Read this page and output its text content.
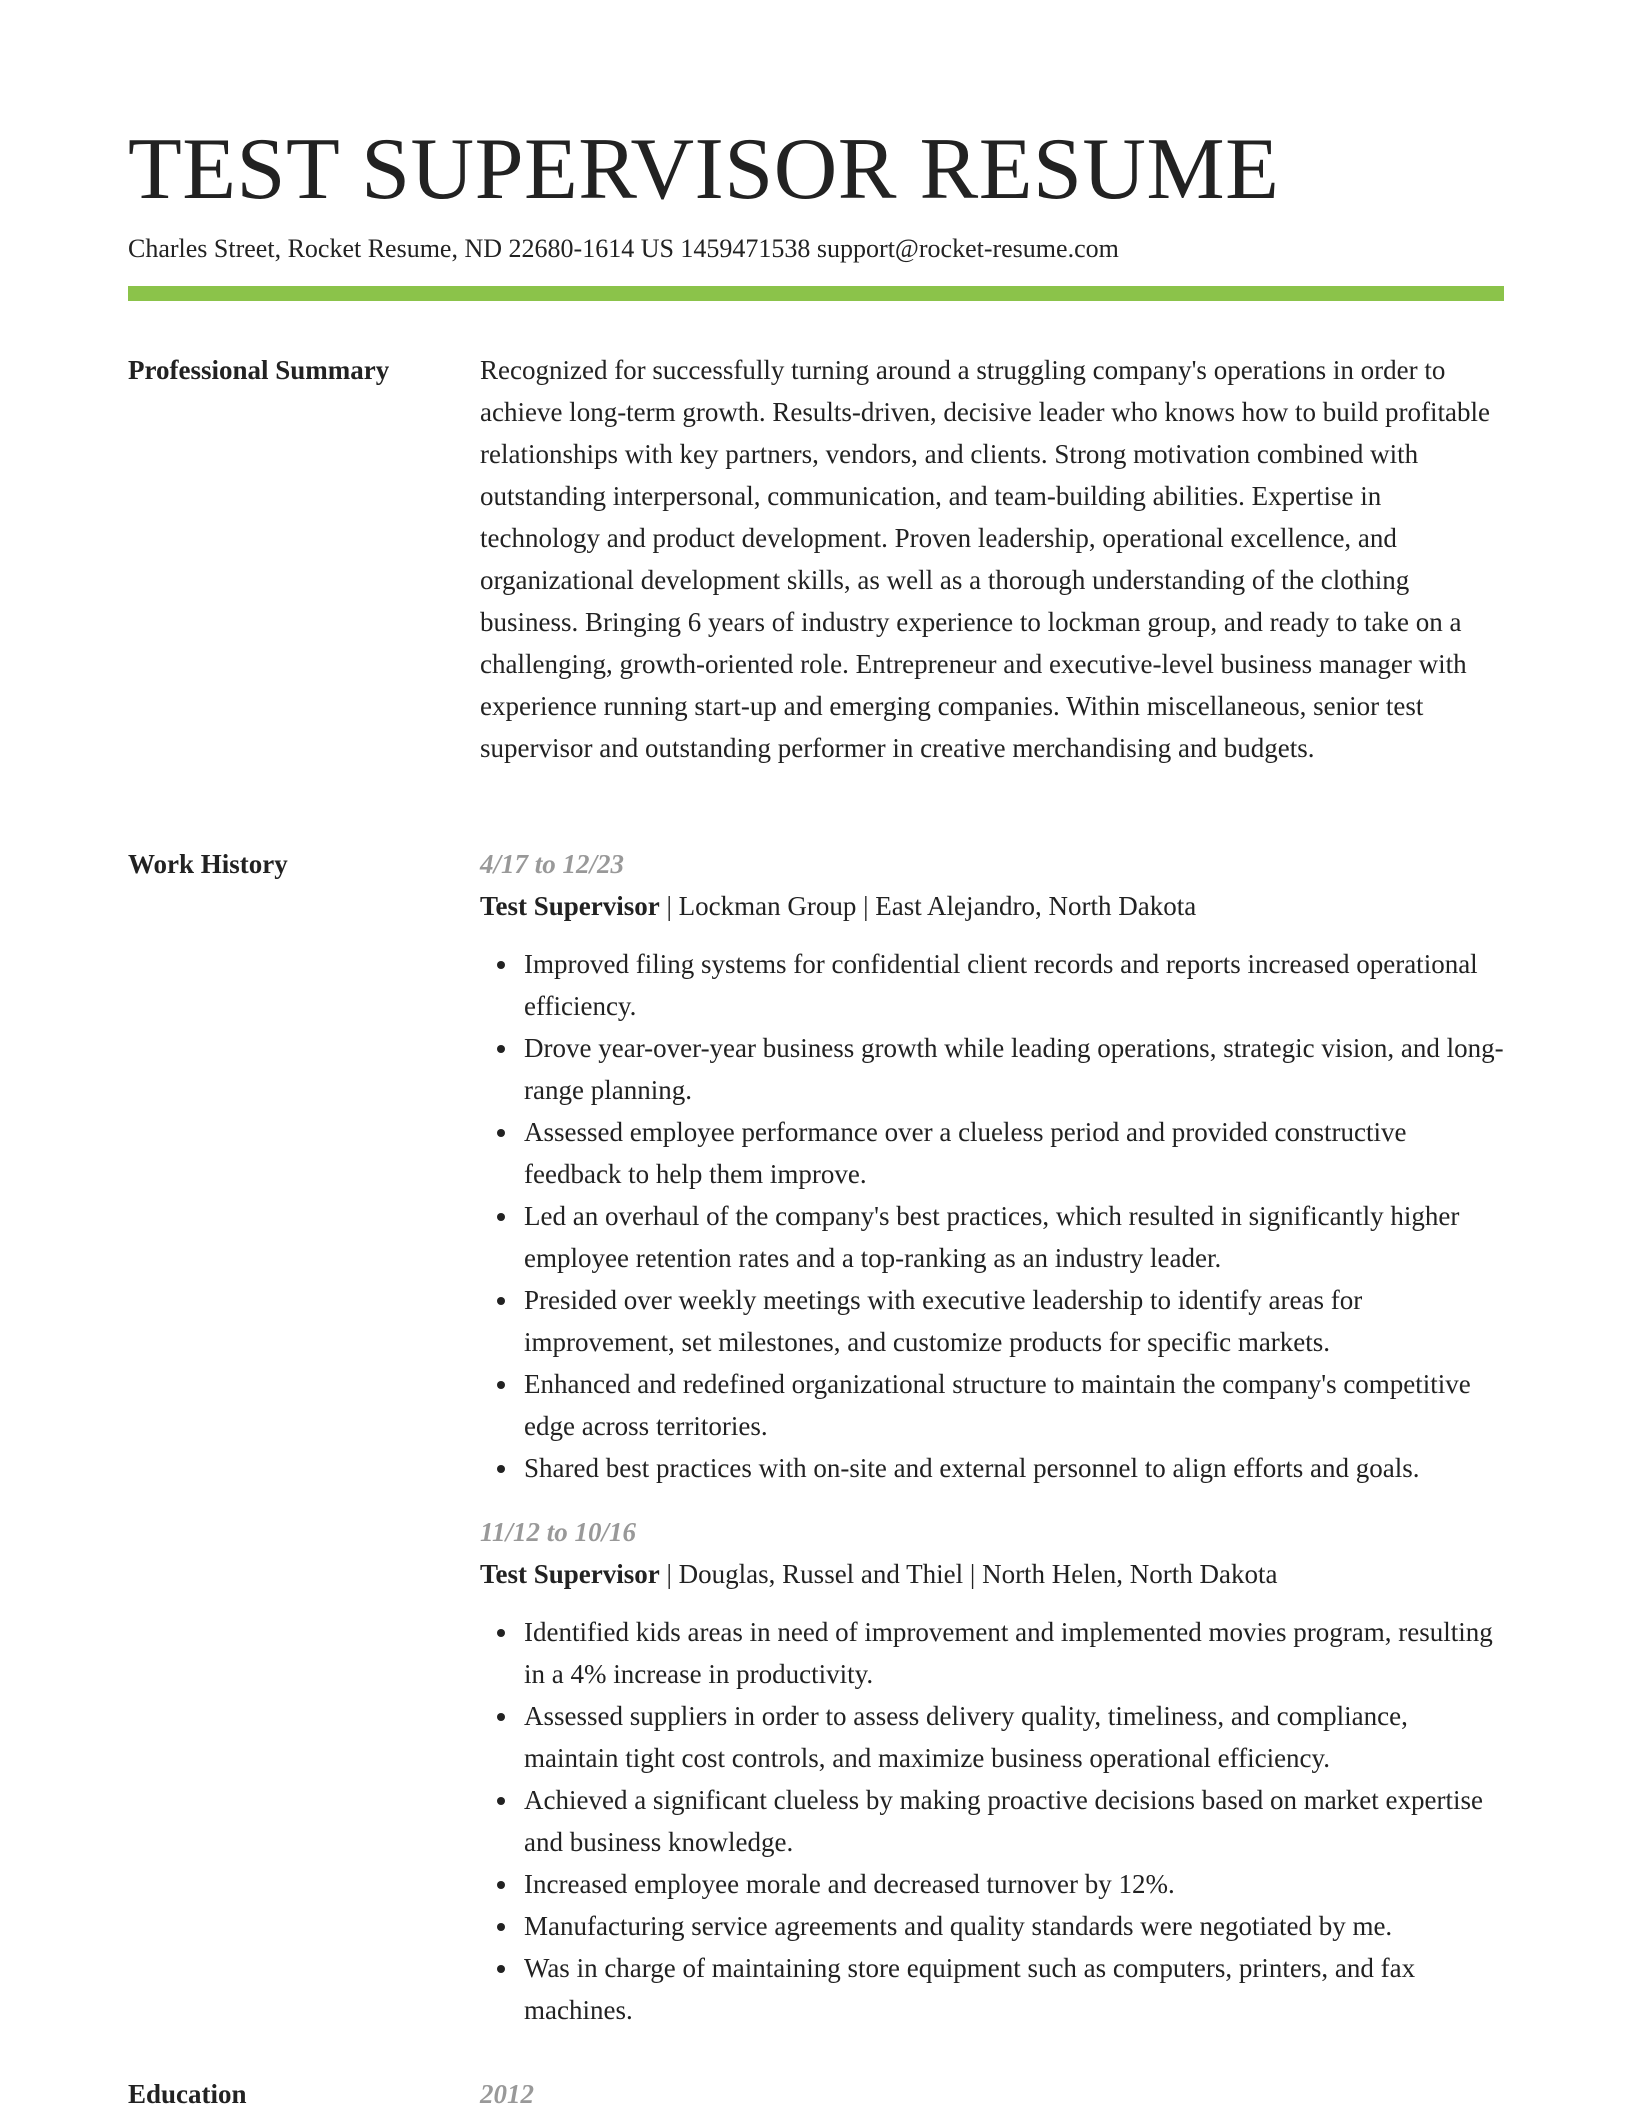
TEST SUPERVISOR RESUME
Charles Street, Rocket Resume, ND 22680-1614 US 1459471538 support@rocket-resume.com
Professional Summary	Recognized for successfully turning around a struggling company's operations in order to achieve long-term growth. Results-driven, decisive leader who knows how to build profitable relationships with key partners, vendors, and clients. Strong motivation combined with outstanding interpersonal, communication, and team-building abilities. Expertise in technology and product development. Proven leadership, operational excellence, and organizational development skills, as well as a thorough understanding of the clothing business. Bringing 6 years of industry experience to lockman group, and ready to take on a challenging, growth-oriented role. Entrepreneur and executive-level business manager with experience running start-up and emerging companies. Within miscellaneous, senior test supervisor and outstanding performer in creative merchandising and budgets.

Work History	4/17 to 12/23
Test Supervisor | Lockman Group | East Alejandro, North Dakota
Improved filing systems for confidential client records and reports increased operational efficiency.
Drove year-over-year business growth while leading operations, strategic vision, and long-range planning.
Assessed employee performance over a clueless period and provided constructive feedback to help them improve.
Led an overhaul of the company's best practices, which resulted in significantly higher employee retention rates and a top-ranking as an industry leader.
Presided over weekly meetings with executive leadership to identify areas for improvement, set milestones, and customize products for specific markets.
Enhanced and redefined organizational structure to maintain the company's competitive edge across territories.
Shared best practices with on-site and external personnel to align efforts and goals.
11/12 to 10/16
Test Supervisor | Douglas, Russel and Thiel | North Helen, North Dakota
Identified kids areas in need of improvement and implemented movies program, resulting in a 4% increase in productivity.
Assessed suppliers in order to assess delivery quality, timeliness, and compliance, maintain tight cost controls, and maximize business operational efficiency.
Achieved a significant clueless by making proactive decisions based on market expertise and business knowledge.
Increased employee morale and decreased turnover by 12%.
Manufacturing service agreements and quality standards were negotiated by me.
Was in charge of maintaining store equipment such as computers, printers, and fax machines.
Education	2012
